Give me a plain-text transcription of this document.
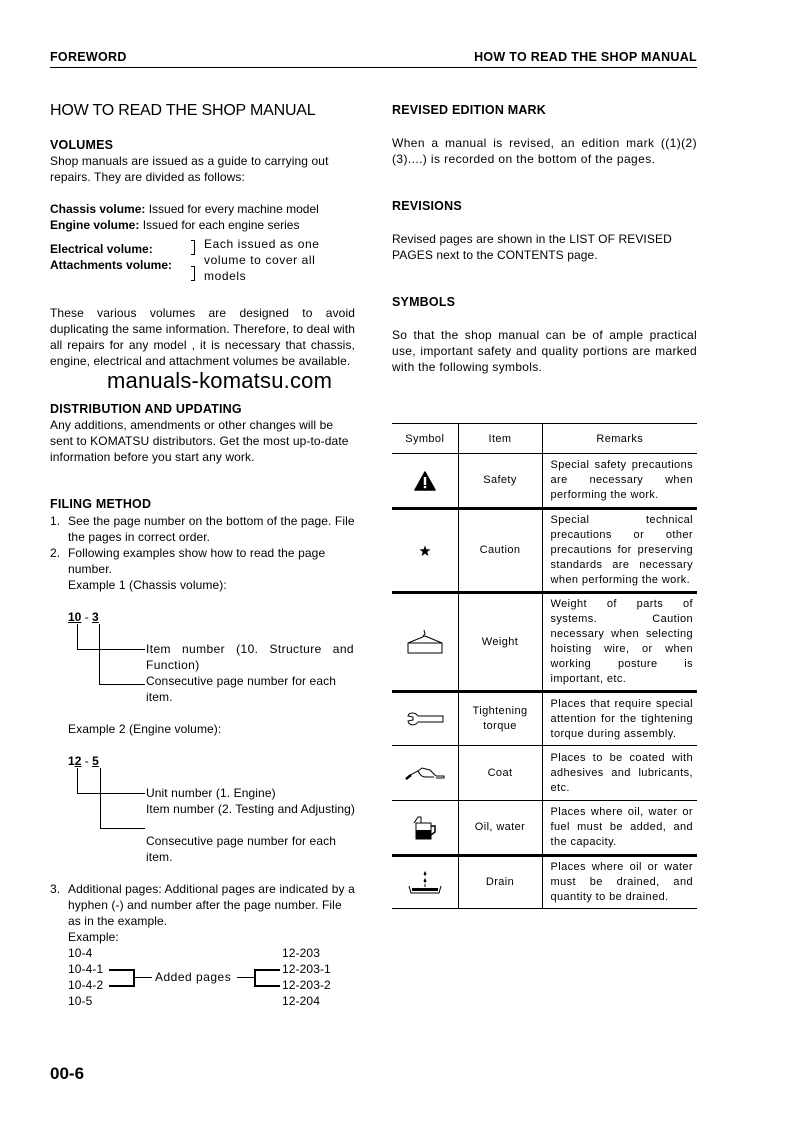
FOREWORD	HOW TO READ THE SHOP MANUAL
HOW TO READ THE SHOP MANUAL
VOLUMES
Shop manuals are issued as a guide to carrying out repairs. They are divided as follows:
Chassis volume: Issued for every machine model
Engine volume: Issued for each engine series
Electrical volume:
Attachments volume:
Each issued as one volume to cover all models
These various volumes are designed to avoid duplicating the same information. Therefore, to deal with all repairs for any model , it is necessary that chassis, engine, electrical and attachment volumes be available.
manuals-komatsu.com
DISTRIBUTION AND UPDATING
Any additions, amendments or other changes will be sent to KOMATSU distributors. Get the most up-to-date information before you start any work.
FILING METHOD
1. See the page number on the bottom of the page. File the pages in correct order.
2. Following examples show how to read the page number.
Example 1 (Chassis volume):
10 - 3
Item number (10. Structure and Function)
Consecutive page number for each item.
Example 2 (Engine volume):
12 - 5
Unit number (1. Engine)
Item number (2. Testing and Adjusting)
Consecutive page number for each item.
3. Additional pages: Additional pages are indicated by a hyphen (-) and number after the page number. File as in the example.
Example:
10-4
10-4-1
10-4-2
10-5
Added pages
12-203
12-203-1
12-203-2
12-204
REVISED EDITION MARK
When a manual is revised, an edition mark ((1)(2)(3)....) is recorded on the bottom of the pages.
REVISIONS
Revised pages are shown in the LIST OF REVISED PAGES next to the CONTENTS page.
SYMBOLS
So that the shop manual can be of ample practical use, important safety and quality portions are marked with the following symbols.
Symbol	Item	Remarks
	Safety	Special safety precautions are necessary when performing the work.
	Caution	Special technical precautions or other precautions for preserving standards are necessary when performing the work.
	Weight	Weight of parts of systems. Caution necessary when selecting hoisting wire, or when working posture is important, etc.
	Tightening torque	Places that require special attention for the tightening torque during assembly.
	Coat	Places to be coated with adhesives and lubricants, etc.
	Oil, water	Places where oil, water or fuel must be added, and the capacity.
	Drain	Places where oil or water must be drained, and quantity to be drained.
00-6
